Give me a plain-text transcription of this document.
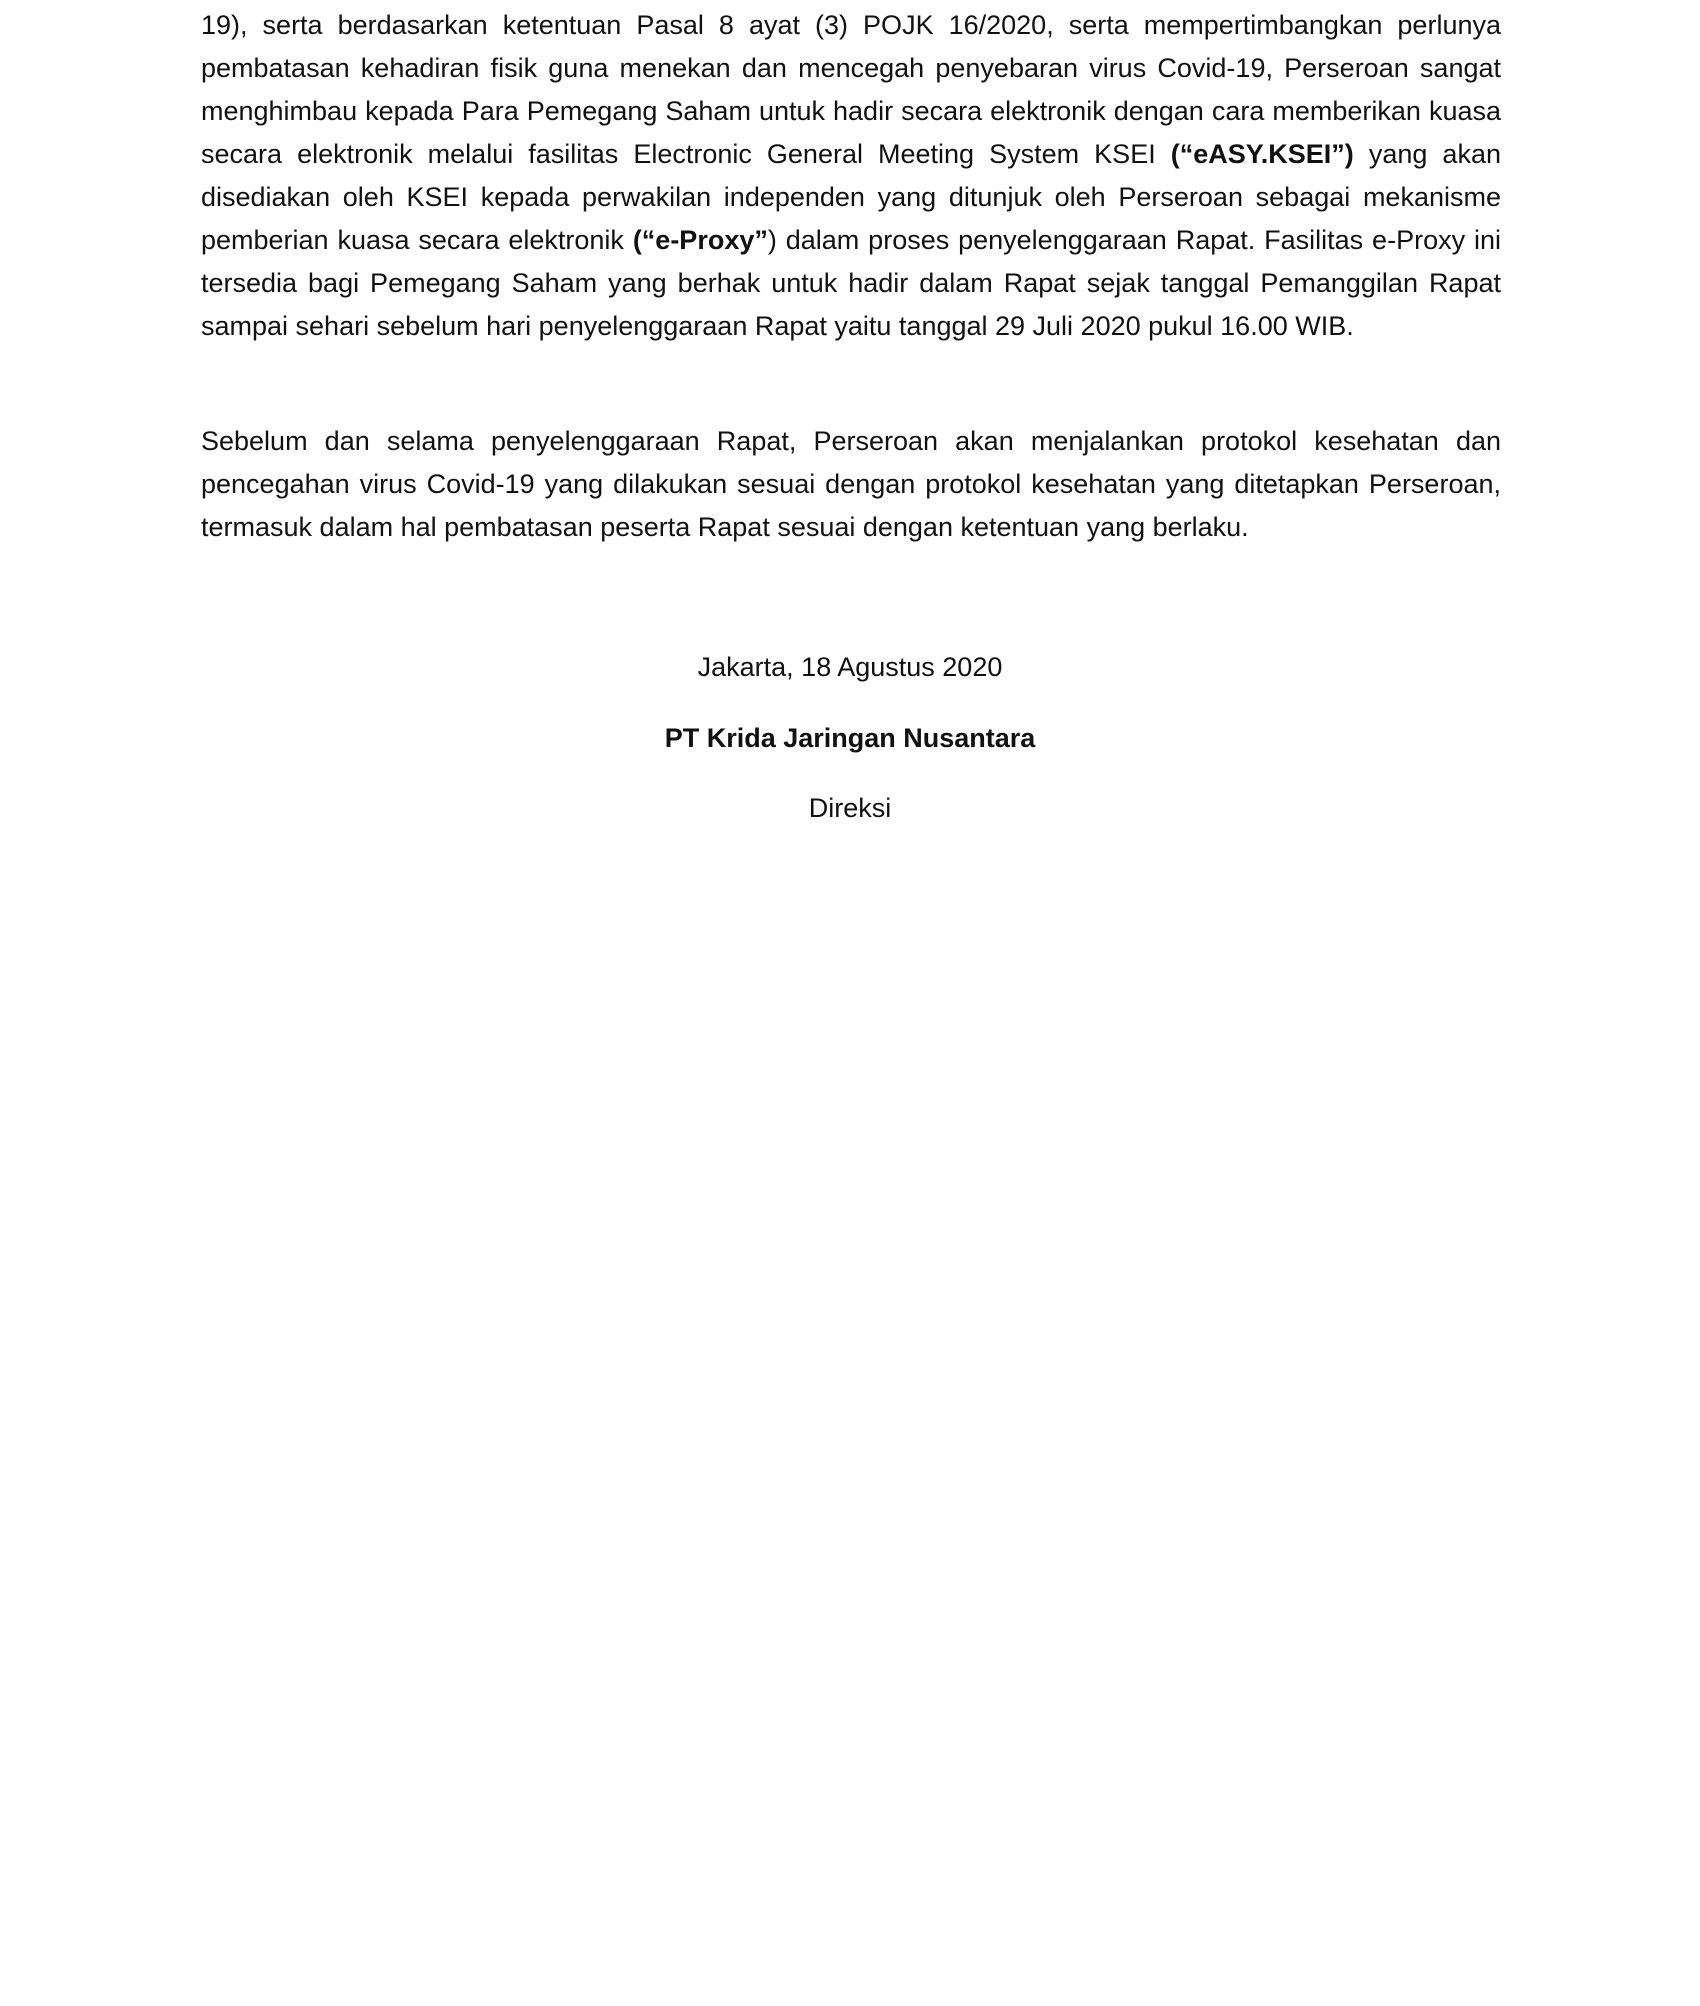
19), serta berdasarkan ketentuan Pasal 8 ayat (3) POJK 16/2020, serta mempertimbangkan perlunya pembatasan kehadiran fisik guna menekan dan mencegah penyebaran virus Covid-19, Perseroan sangat menghimbau kepada Para Pemegang Saham untuk hadir secara elektronik dengan cara memberikan kuasa secara elektronik melalui fasilitas Electronic General Meeting System KSEI (“eASY.KSEI”) yang akan disediakan oleh KSEI kepada perwakilan independen yang ditunjuk oleh Perseroan sebagai mekanisme pemberian kuasa secara elektronik (“e-Proxy”) dalam proses penyelenggaraan Rapat. Fasilitas e-Proxy ini tersedia bagi Pemegang Saham yang berhak untuk hadir dalam Rapat sejak tanggal Pemanggilan Rapat sampai sehari sebelum hari penyelenggaraan Rapat yaitu tanggal 29 Juli 2020 pukul 16.00 WIB.

Sebelum dan selama penyelenggaraan Rapat, Perseroan akan menjalankan protokol kesehatan dan pencegahan virus Covid-19 yang dilakukan sesuai dengan protokol kesehatan yang ditetapkan Perseroan, termasuk dalam hal pembatasan peserta Rapat sesuai dengan ketentuan yang berlaku.

Jakarta, 18 Agustus 2020
PT Krida Jaringan Nusantara
Direksi
